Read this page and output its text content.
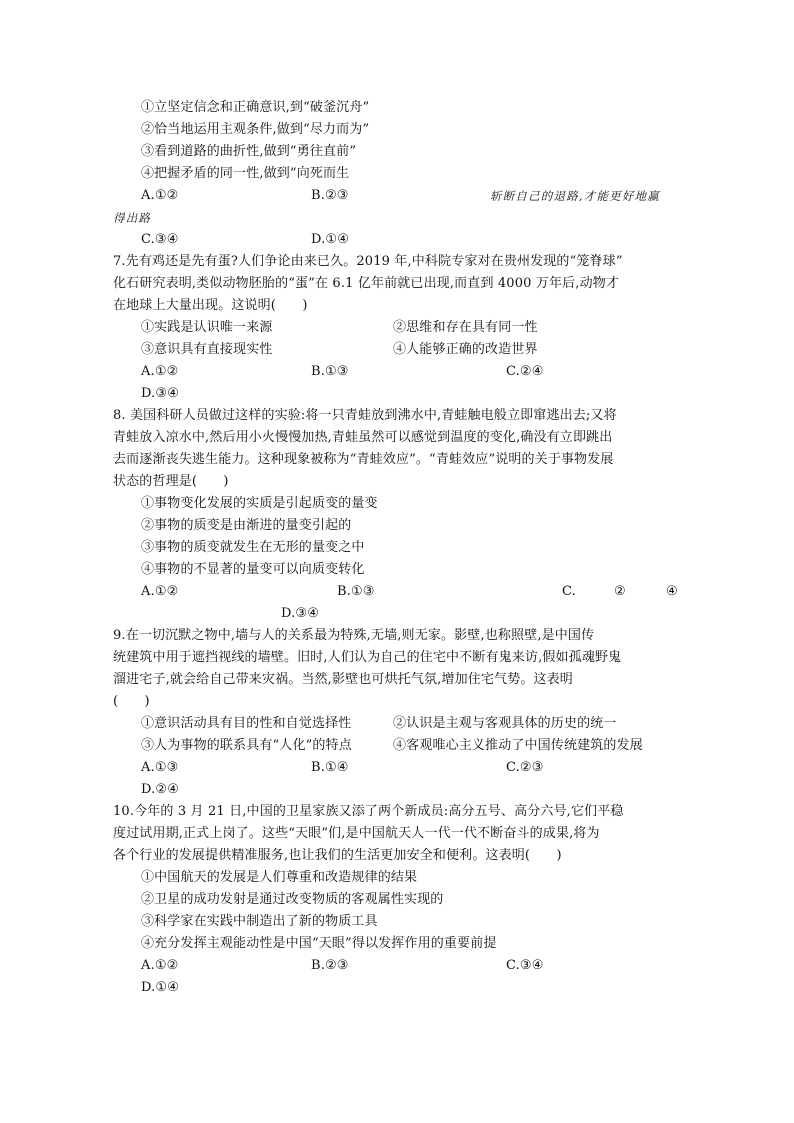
①立坚定信念和正确意识,到“破釜沉舟”
②恰当地运用主观条件,做到“尽力而为”
③看到道路的曲折性,做到“勇往直前”
④把握矛盾的同一性,做到“向死而生
A.①②	B.②③	斩断自己的退路,才能更好地赢
得出路
C.③④	D.①④
7.先有鸡还是先有蛋?人们争论由来已久。2019 年,中科院专家对在贵州发现的“笼脊球”
化石研究表明,类似动物胚胎的“蛋”在 6.1 亿年前就已出现,而直到 4000 万年后,动物才
在地球上大量出现。这说明(　　)
①实践是认识唯一来源	②思维和存在具有同一性
③意识具有直接现实性	④人能够正确的改造世界
A.①②	B.①③	C.②④
D.③④
8. 美国科研人员做过这样的实验:将一只青蛙放到沸水中,青蛙触电般立即窜逃出去;又将
青蛙放入凉水中,然后用小火慢慢加热,青蛙虽然可以感觉到温度的变化,确没有立即跳出
去而逐渐丧失逃生能力。这种现象被称为“青蛙效应”。“青蛙效应”说明的关于事物发展
状态的哲理是(　　)
①事物变化发展的实质是引起质变的量变
②事物的质变是由渐进的量变引起的
③事物的质变就发生在无形的量变之中
④事物的不显著的量变可以向质变转化
A.①②	B.①③	C.	②	④
D.③④
9.在一切沉默之物中,墙与人的关系最为特殊,无墙,则无家。影壁,也称照壁,是中国传
统建筑中用于遮挡视线的墙壁。旧时,人们认为自己的住宅中不断有鬼来访,假如孤魂野鬼
溜进宅子,就会给自己带来灾祸。当然,影壁也可烘托气氛,增加住宅气势。这表明
(　　)
①意识活动具有目的性和自觉选择性	②认识是主观与客观具体的历史的统一
③人为事物的联系具有“人化”的特点	④客观唯心主义推动了中国传统建筑的发展
A.①③	B.①④	C.②③
D.②④
10.今年的 3 月 21 日,中国的卫星家族又添了两个新成员:高分五号、高分六号,它们平稳
度过试用期,正式上岗了。这些“天眼”们,是中国航天人一代一代不断奋斗的成果,将为
各个行业的发展提供精准服务,也让我们的生活更加安全和便利。这表明(　　)
①中国航天的发展是人们尊重和改造规律的结果
②卫星的成功发射是通过改变物质的客观属性实现的
③科学家在实践中制造出了新的物质工具
④充分发挥主观能动性是中国“天眼”得以发挥作用的重要前提
A.①②	B.②③	C.③④
D.①④
